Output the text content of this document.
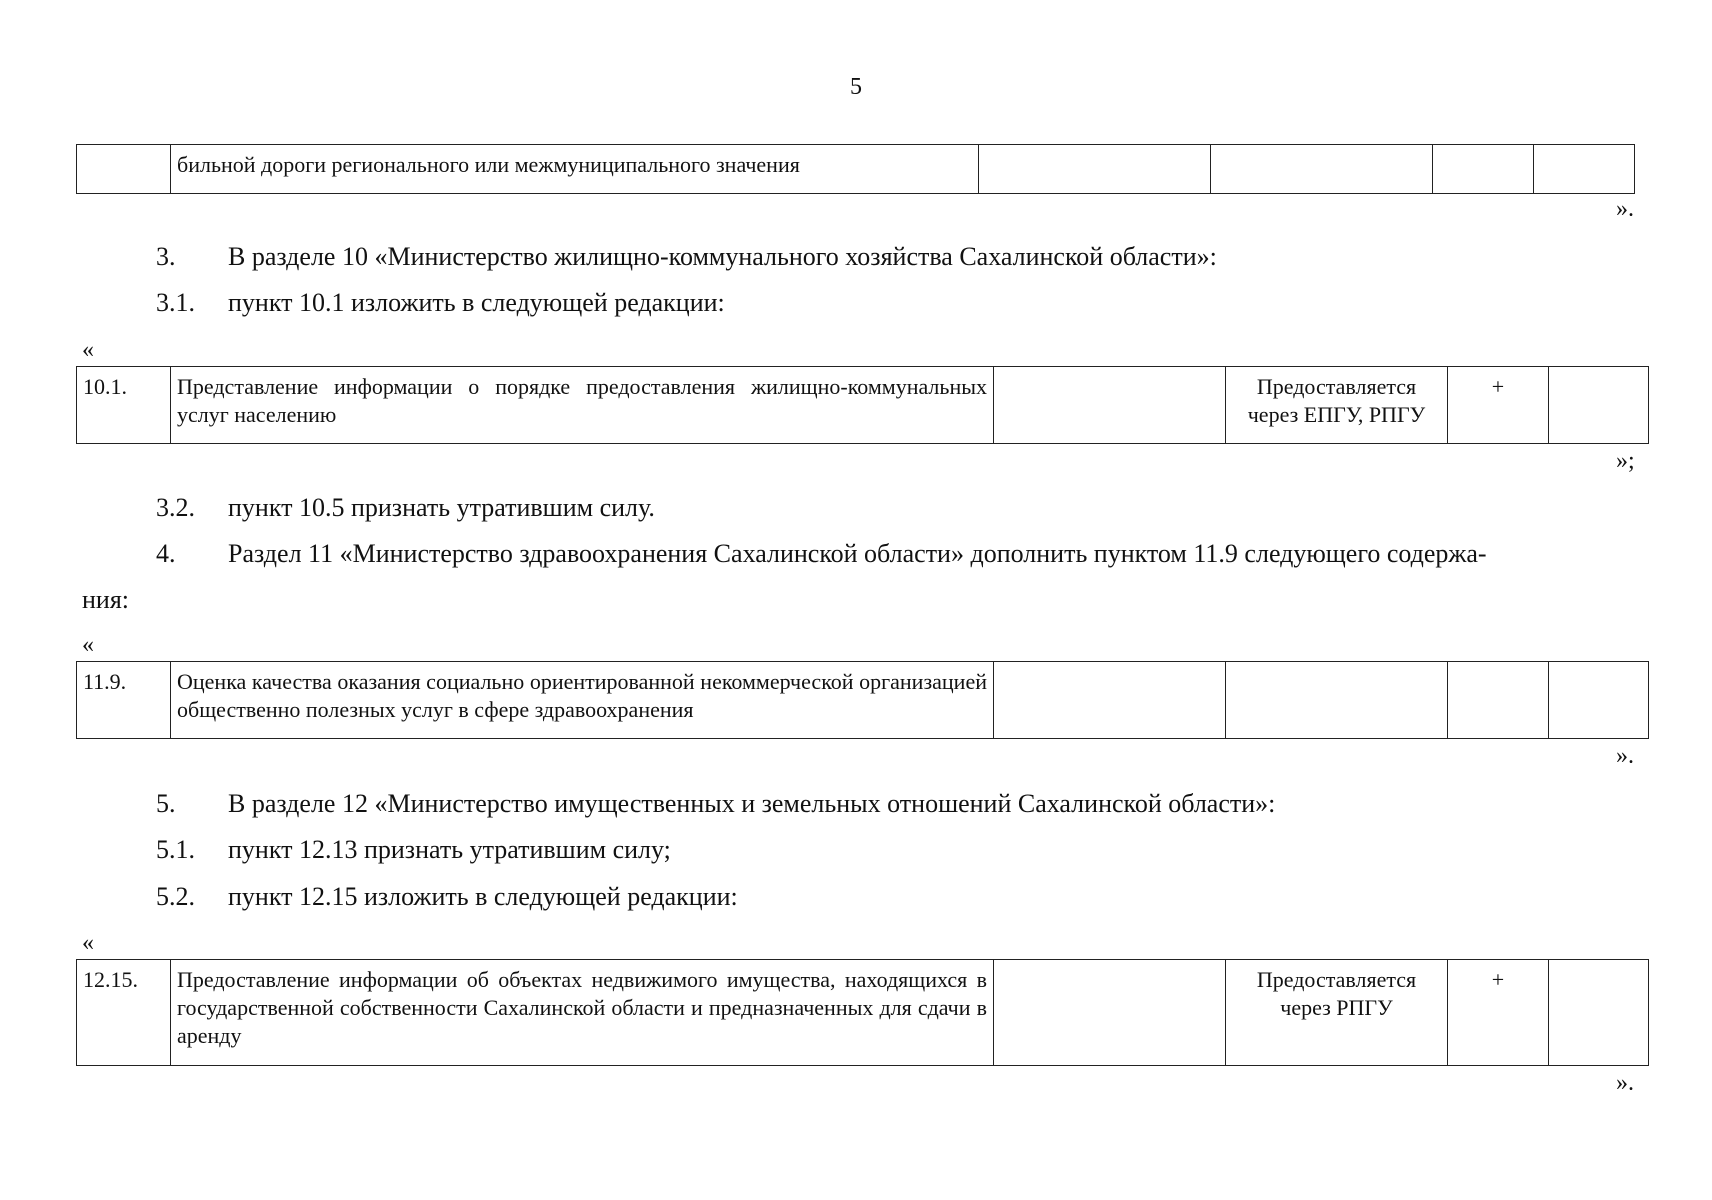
5
	бильной дороги регионального или межмуниципального значения				
».
3. В разделе 10 «Министерство жилищно-коммунального хозяйства Сахалинской области»:
3.1. пункт 10.1 изложить в следующей редакции:
«
10.1.	Представление информации о порядке предоставления жилищно-коммунальных услуг населению		Предоставляется через ЕПГУ, РПГУ	+	
»;
3.2. пункт 10.5 признать утратившим силу.
4. Раздел 11 «Министерство здравоохранения Сахалинской области» дополнить пунктом 11.9 следующего содержа-
ния:
«
11.9.	Оценка качества оказания социально ориентированной некоммерческой организацией общественно полезных услуг в сфере здравоохранения				
».
5. В разделе 12 «Министерство имущественных и земельных отношений Сахалинской области»:
5.1. пункт 12.13 признать утратившим силу;
5.2. пункт 12.15 изложить в следующей редакции:
«
12.15.	Предоставление информации об объектах недвижимого имущества, находящихся в государственной собственности Сахалинской области и предназначенных для сдачи в аренду		Предоставляется через РПГУ	+	
».
